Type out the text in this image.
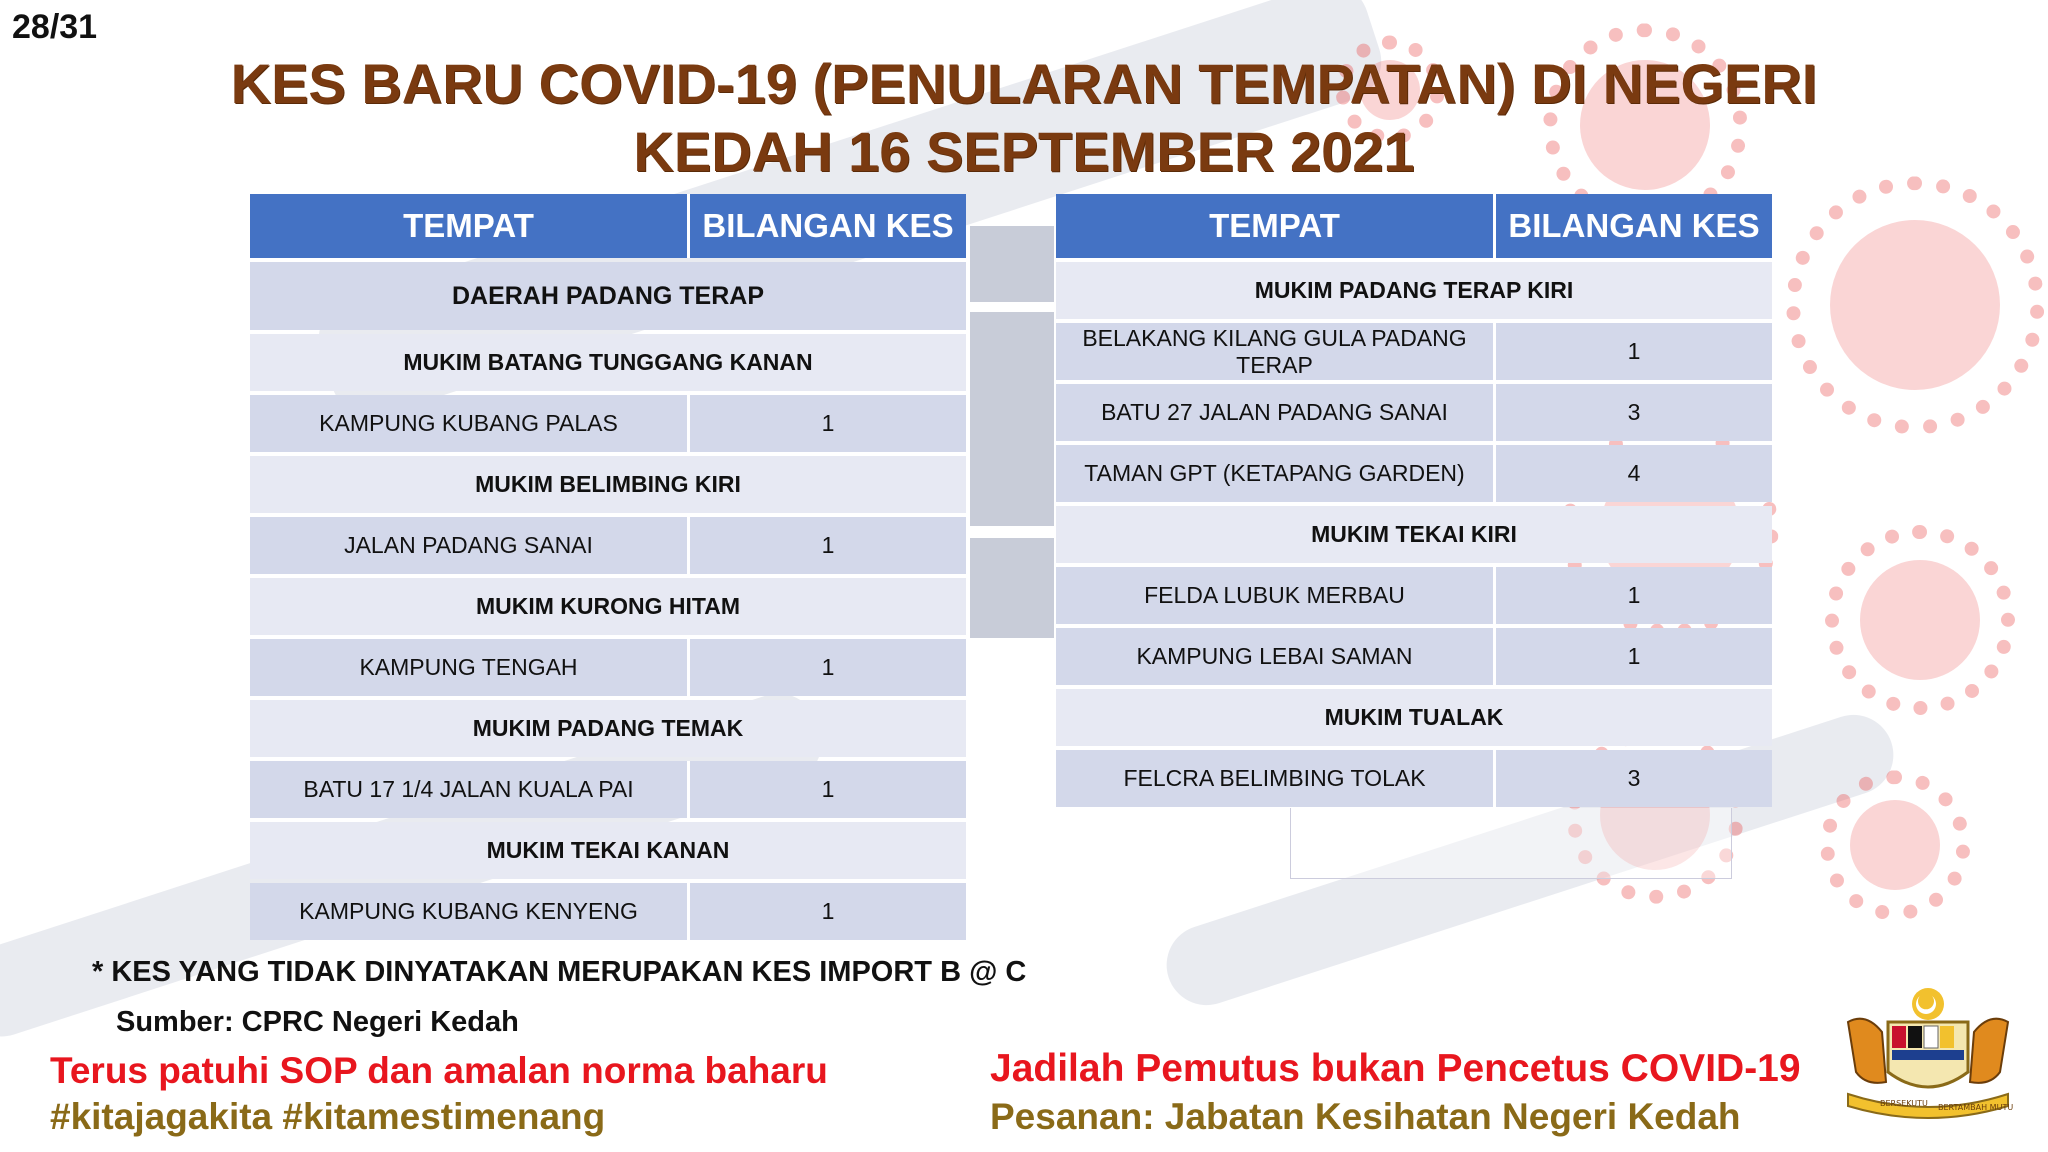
28/31
KES BARU COVID-19 (PENULARAN TEMPATAN) DI NEGERI
KEDAH 16 SEPTEMBER 2021
TEMPAT	BILANGAN KES
DAERAH PADANG TERAP	
MUKIM BATANG TUNGGANG KANAN	
KAMPUNG KUBANG PALAS	1
MUKIM BELIMBING KIRI	
JALAN PADANG SANAI	1
MUKIM KURONG HITAM	
KAMPUNG TENGAH	1
MUKIM PADANG TEMAK	
BATU 17 1/4 JALAN KUALA PAI	1
MUKIM TEKAI KANAN	
KAMPUNG KUBANG KENYENG	1
TEMPAT	BILANGAN KES
MUKIM PADANG TERAP KIRI	
BELAKANG KILANG GULA PADANG TERAP	1
BATU 27 JALAN PADANG SANAI	3
TAMAN GPT (KETAPANG GARDEN)	4
MUKIM TEKAI KIRI	
FELDA LUBUK MERBAU	1
KAMPUNG LEBAI SAMAN	1
MUKIM TUALAK	
FELCRA BELIMBING TOLAK	3
* KES YANG TIDAK DINYATAKAN MERUPAKAN KES IMPORT B @ C
Sumber: CPRC Negeri Kedah
Terus patuhi SOP dan amalan norma baharu
#kitajagakita #kitamestimenang
Jadilah Pemutus bukan Pencetus COVID-19
Pesanan: Jabatan Kesihatan Negeri Kedah	BERSEKUTU BERTAMBAH MUTU
